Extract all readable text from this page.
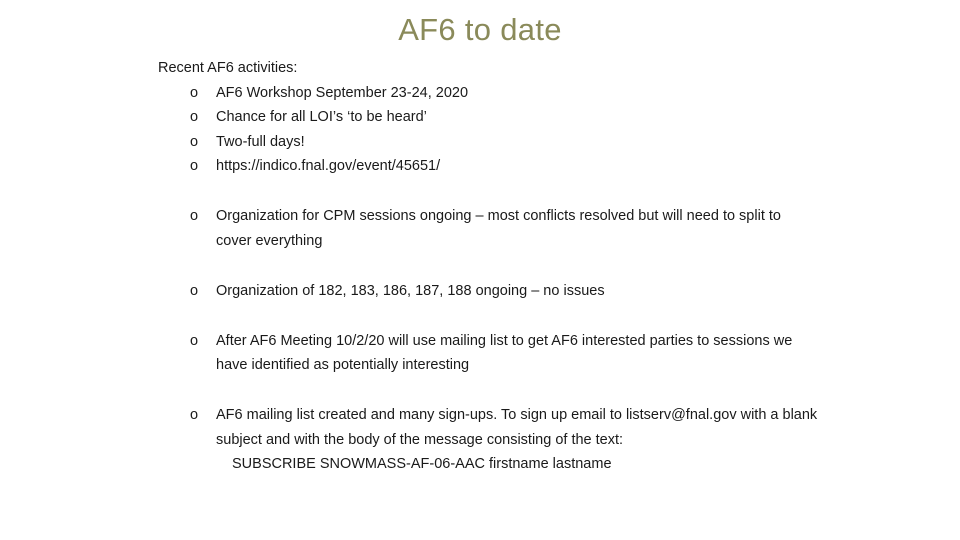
AF6 to date

Recent AF6 activities:

o AF6 Workshop September 23-24, 2020
o Chance for all LOI’s ‘to be heard’
o Two-full days!
o https://indico.fnal.gov/event/45651/
o Organization for CPM sessions ongoing – most conflicts resolved but will need to split to cover everything
o Organization of 182, 183, 186, 187, 188 ongoing – no issues
o After AF6 Meeting 10/2/20 will use mailing list to get AF6 interested parties to sessions we have identified as potentially interesting
o AF6 mailing list created and many sign-ups. To sign up email to listserv@fnal.gov with a blank subject and with the body of the message consisting of the text:
SUBSCRIBE SNOWMASS-AF-06-AAC firstname lastname
